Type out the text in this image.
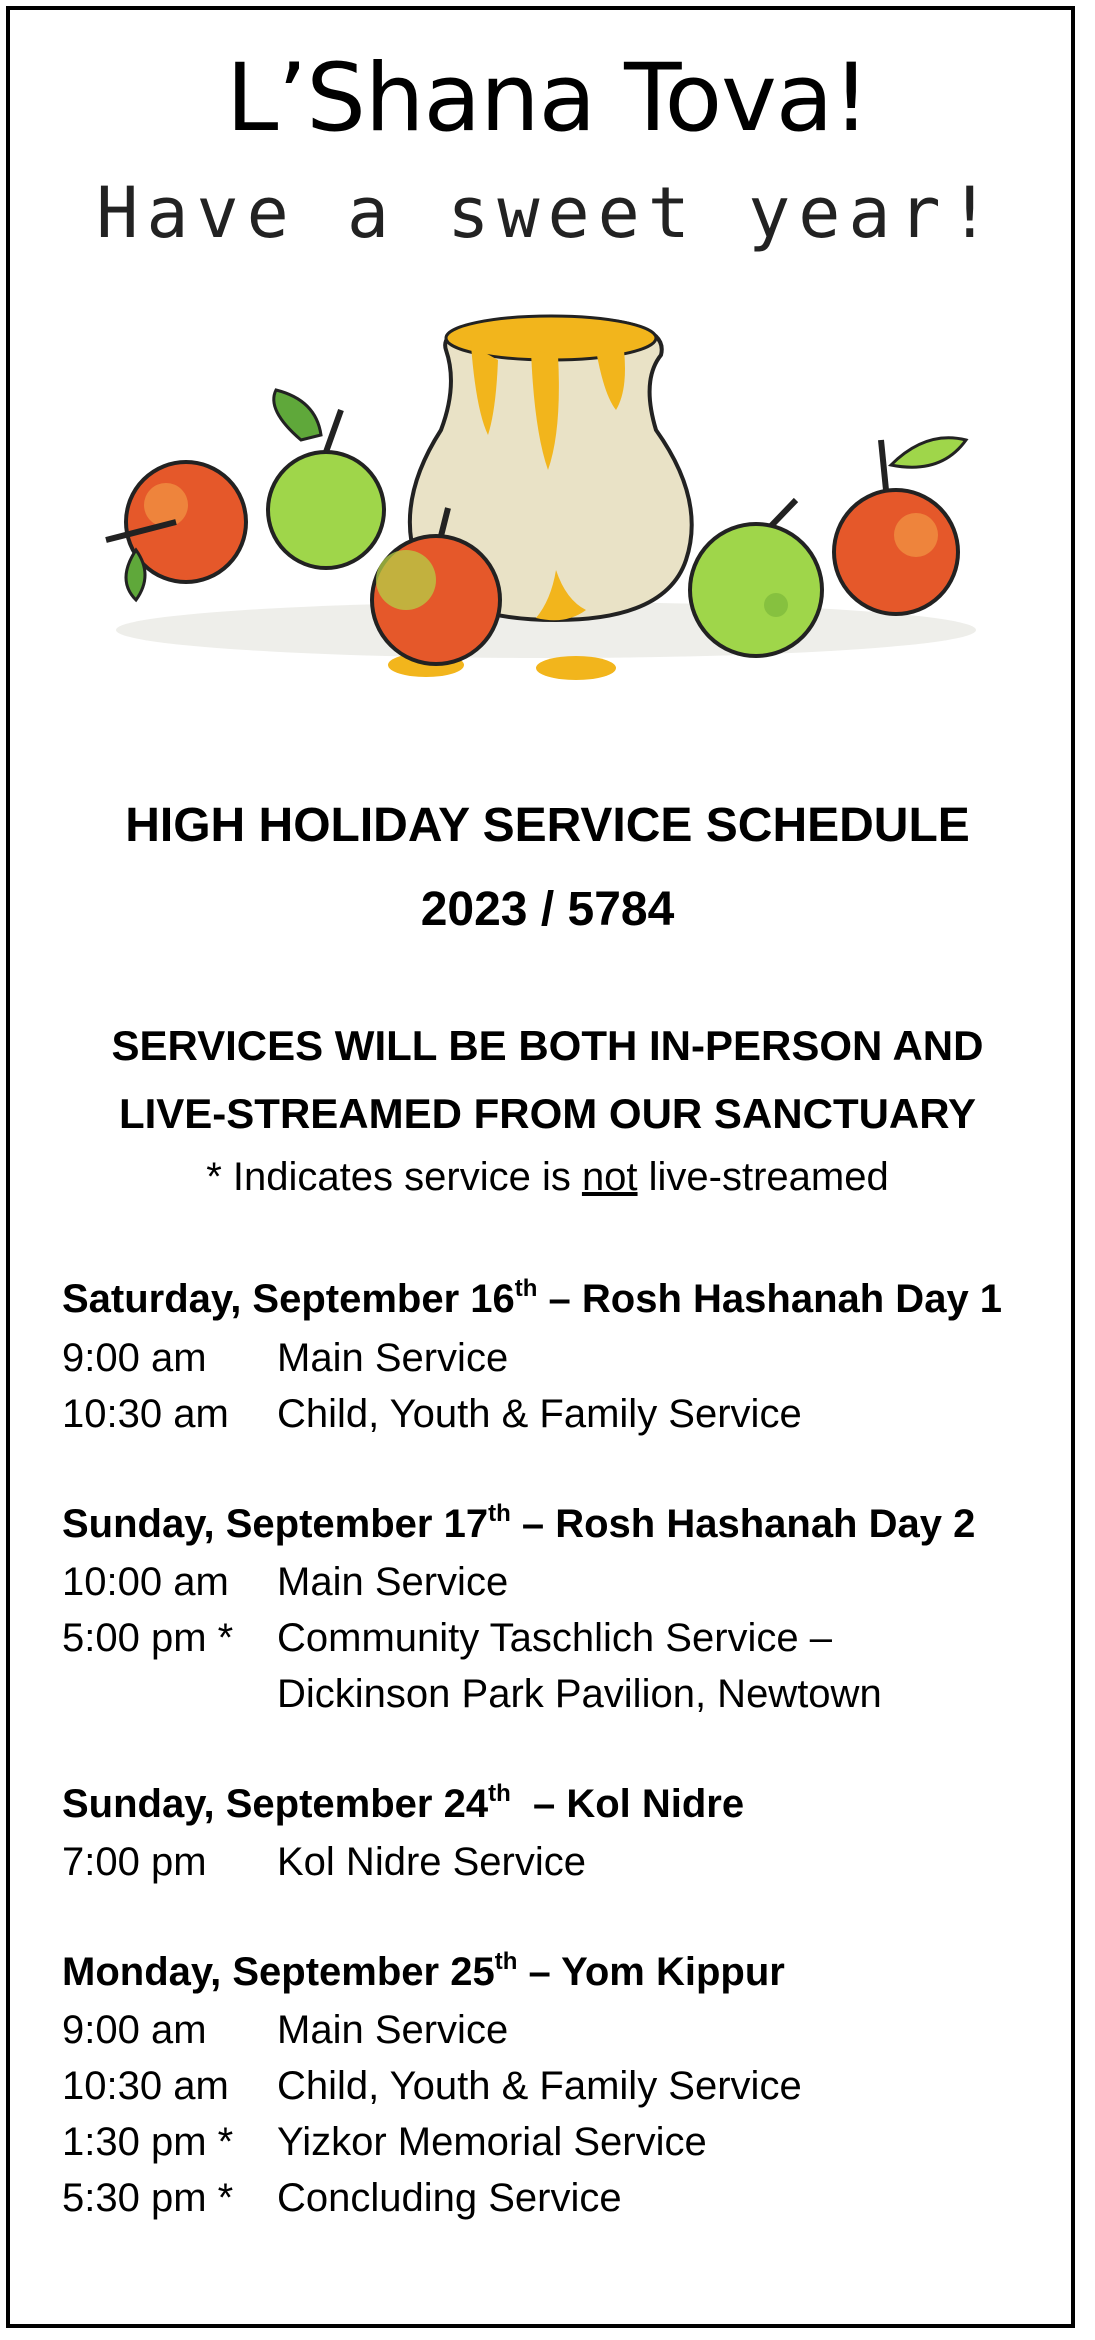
L’Shana Tova!
Have a sweet year!
HIGH HOLIDAY SERVICE SCHEDULE
2023 / 5784
SERVICES WILL BE BOTH IN-PERSON AND
LIVE-STREAMED FROM OUR SANCTUARY
* Indicates service is not live-streamed
Saturday, September 16th – Rosh Hashanah Day 1
9:00 am Main Service
10:30 am Child, Youth & Family Service
Sunday, September 17th – Rosh Hashanah Day 2
10:00 am Main Service
5:00 pm * Community Taschlich Service –
Dickinson Park Pavilion, Newtown
Sunday, September 24th  – Kol Nidre
7:00 pm Kol Nidre Service
Monday, September 25th – Yom Kippur
9:00 am Main Service
10:30 am Child, Youth & Family Service
1:30 pm * Yizkor Memorial Service
5:30 pm * Concluding Service
